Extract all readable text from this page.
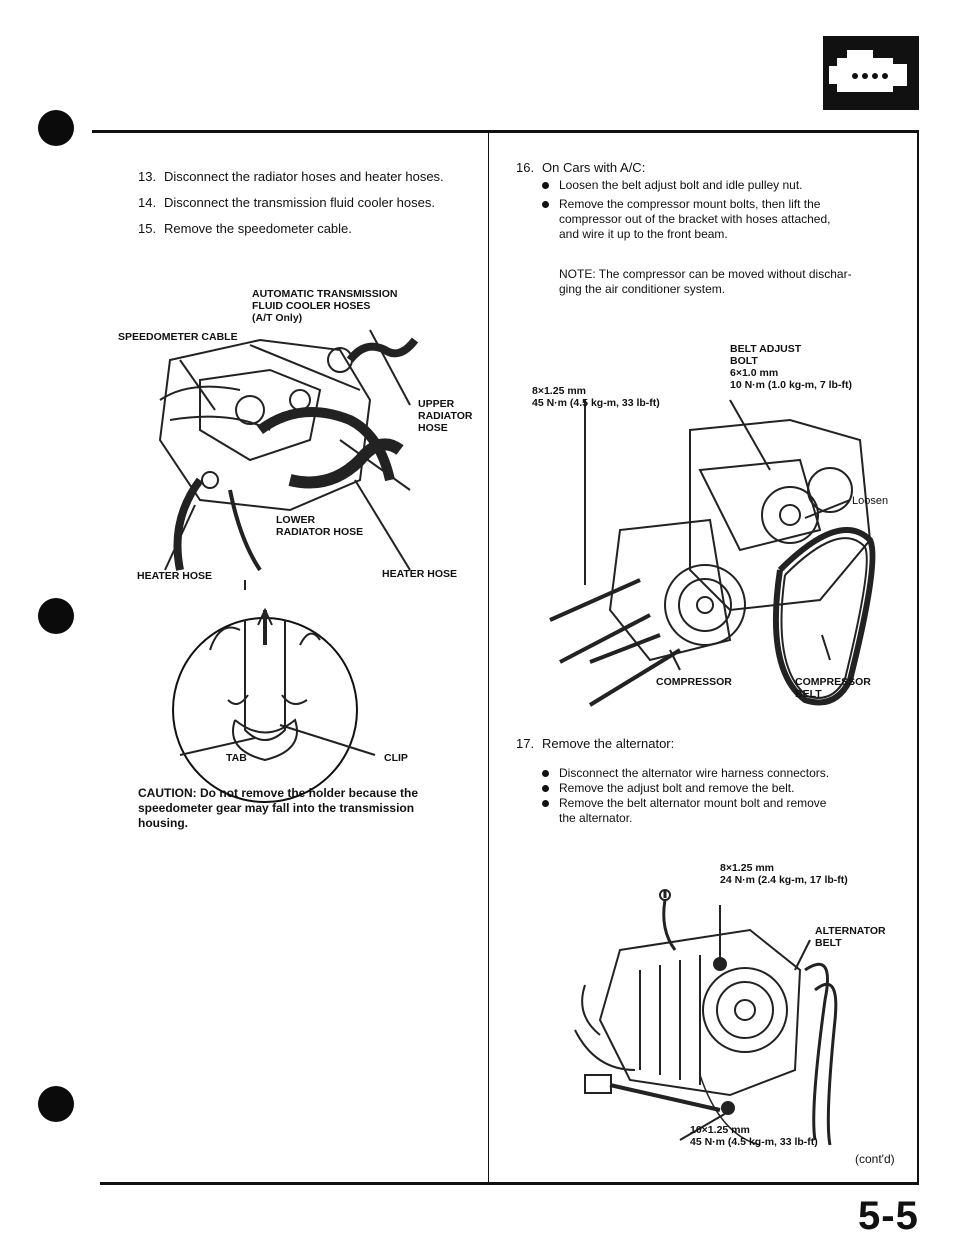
13. Disconnect the radiator hoses and heater hoses.
14. Disconnect the transmission fluid cooler hoses.
15. Remove the speedometer cable.
AUTOMATIC TRANSMISSION
FLUID COOLER HOSES
(A/T Only)
SPEEDOMETER CABLE
UPPER
RADIATOR
HOSE
LOWER
RADIATOR HOSE
HEATER HOSE	HEATER HOSE
TAB	CLIP
CAUTION: Do not remove the holder because the
speedometer gear may fall into the transmission
housing.
16. On Cars with A/C:
Loosen the belt adjust bolt and idle pulley nut.
Remove the compressor mount bolts, then lift the
compressor out of the bracket with hoses attached,
and wire it up to the front beam.
NOTE: The compressor can be moved without dischar-
ging the air conditioner system.
BELT ADJUST
BOLT
6×1.0 mm
10 N·m (1.0 kg-m, 7 lb-ft)
8×1.25 mm
45 N·m (4.5 kg-m, 33 lb-ft)
Loosen
COMPRESSOR	COMPRESSOR
BELT
17. Remove the alternator:
Disconnect the alternator wire harness connectors.
Remove the adjust bolt and remove the belt.
Remove the belt alternator mount bolt and remove
the alternator.
8×1.25 mm
24 N·m (2.4 kg-m, 17 lb-ft)
ALTERNATOR
BELT
10×1.25 mm
45 N·m (4.5 kg-m, 33 lb-ft)
(cont'd)
5-5
